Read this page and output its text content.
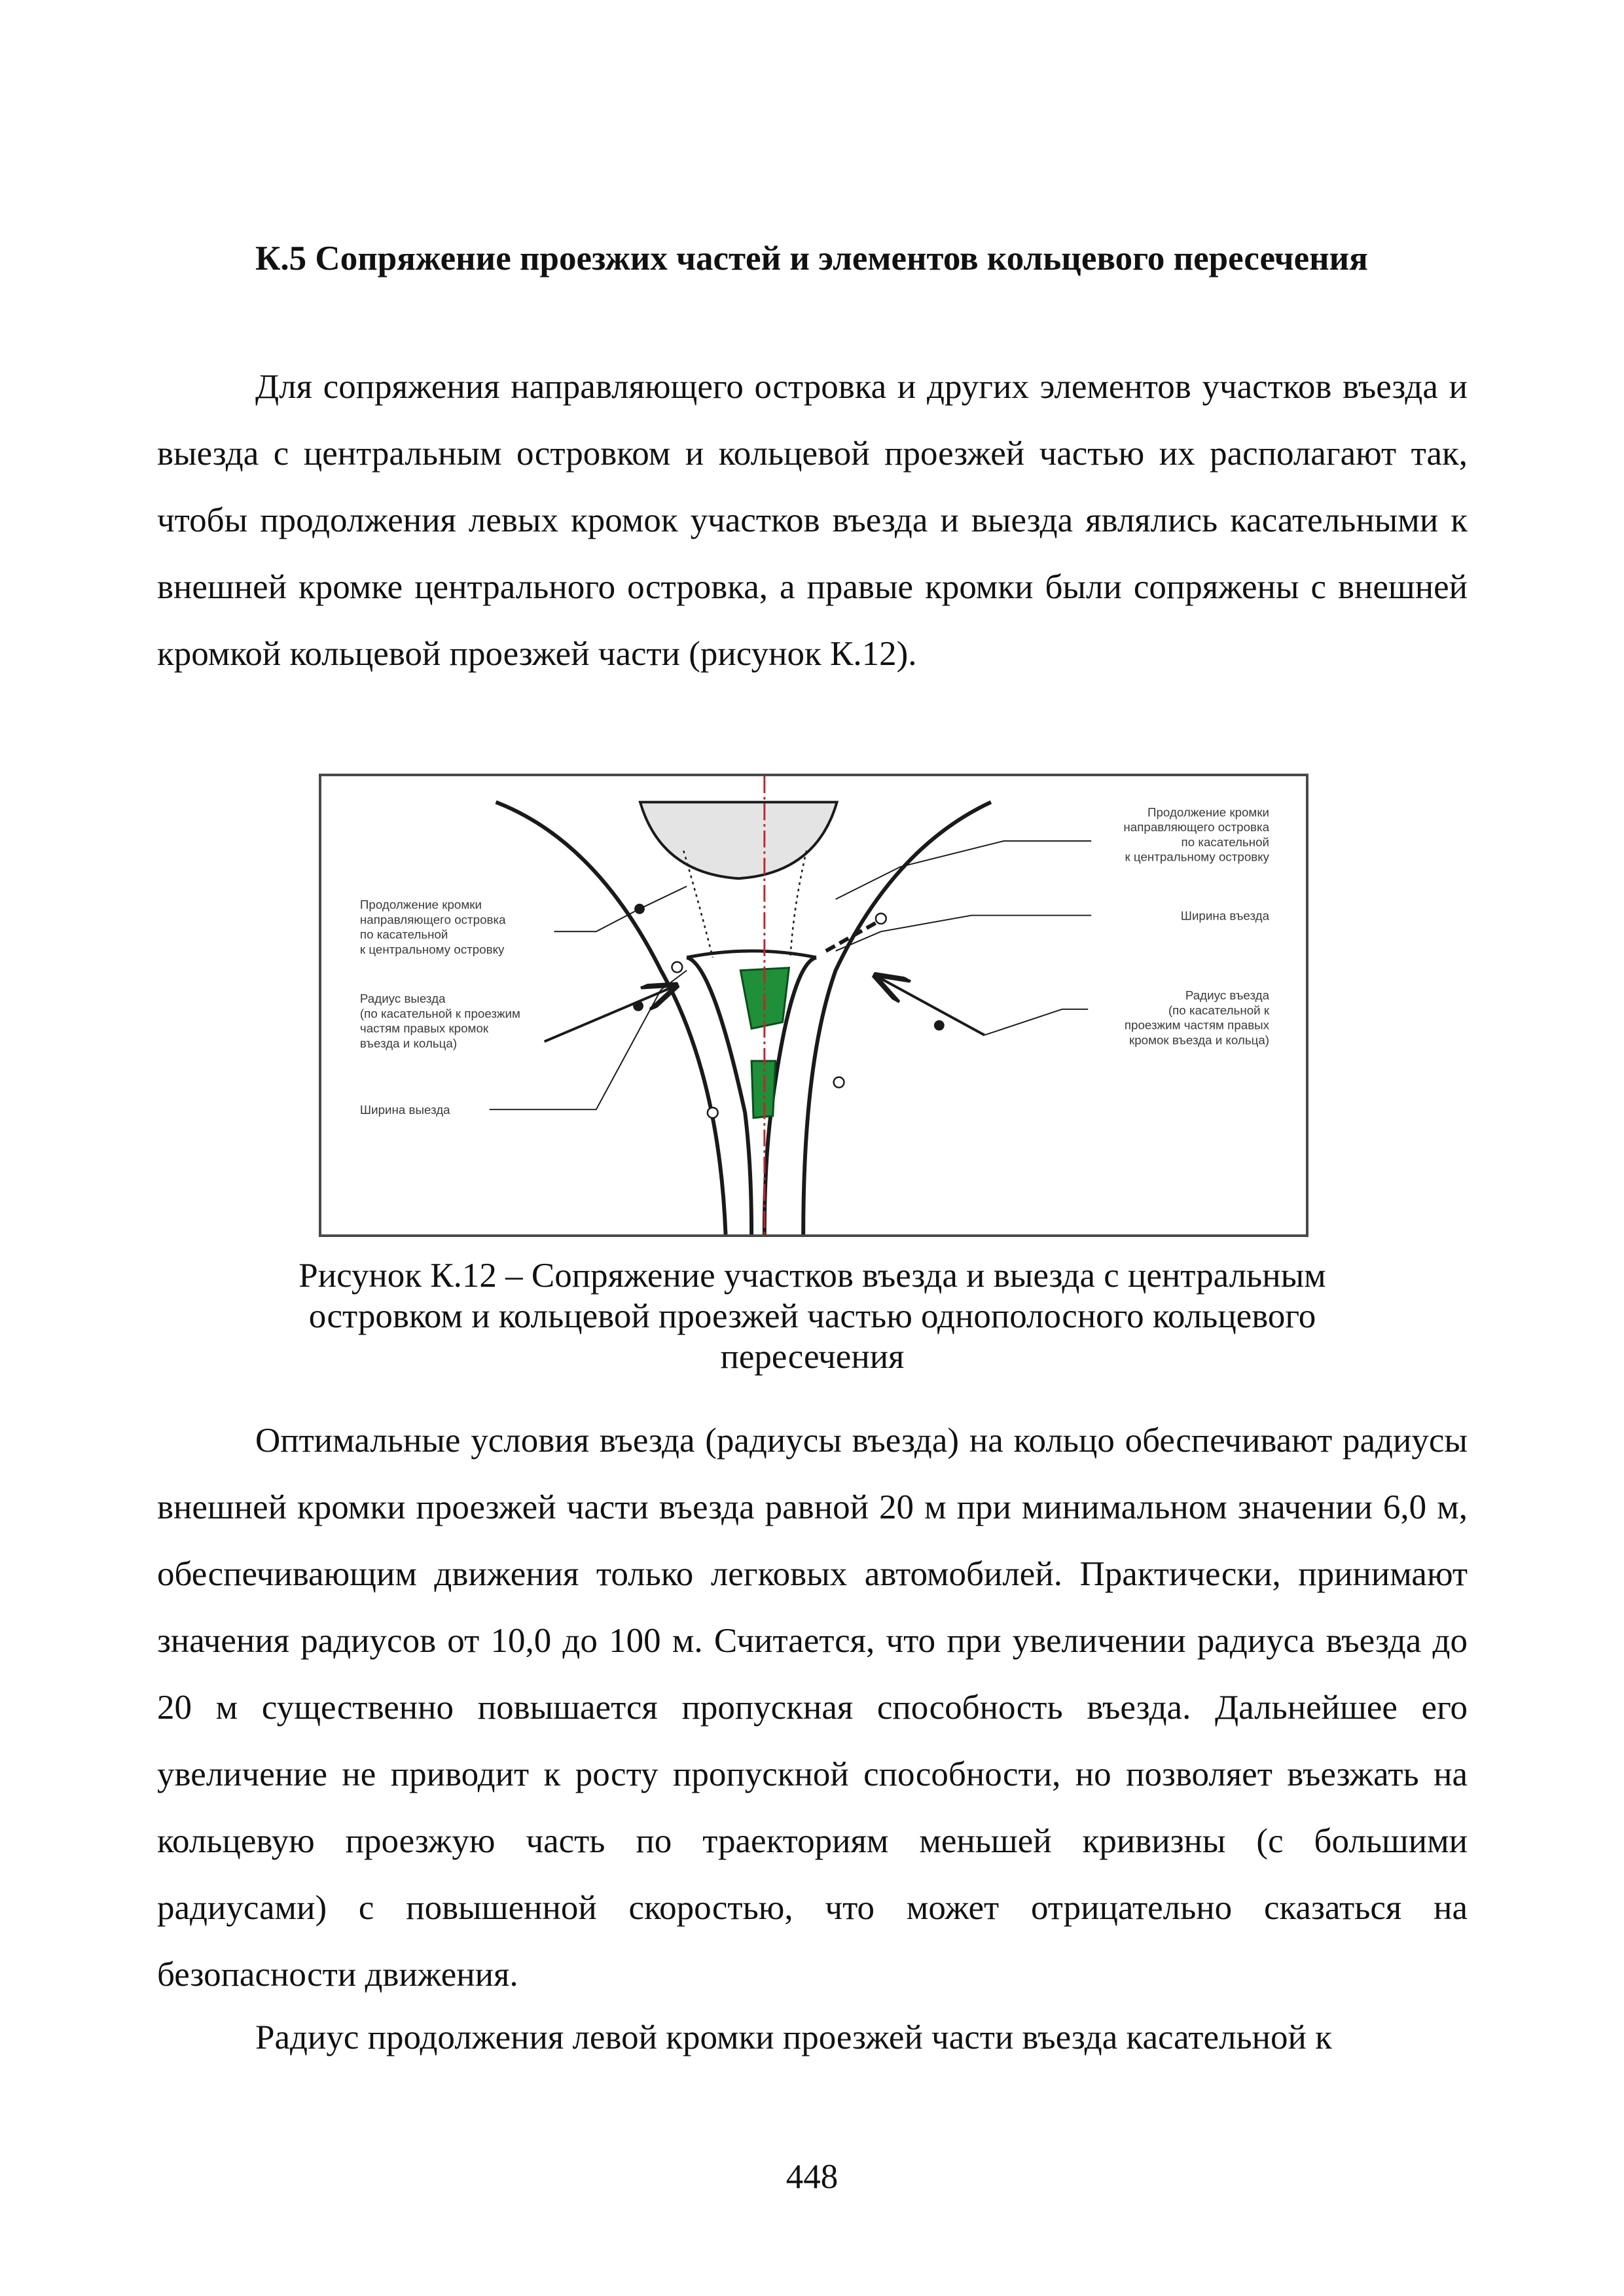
К.5 Сопряжение проезжих частей и элементов кольцевого пересечения
Для сопряжения направляющего островка и других элементов участков въезда и выезда с центральным островком и кольцевой проезжей частью их располагают так, чтобы продолжения левых кромок участков въезда и выезда являлись касательными к внешней кромке центрального островка, а правые кромки были сопряжены с внешней кромкой кольцевой проезжей части (рисунок К.12).
Продолжение кромки
направляющего островка
по касательной
к центральному островку
Радиус выезда
(по касательной к проезжим
частям правых кромок
въезда и кольца)
Ширина выезда
Продолжение кромки
направляющего островка
по касательной
к центральному островку
Ширина въезда
Радиус въезда
(по касательной к
проезжим частям правых
кромок въезда и кольца)
Рисунок К.12 – Сопряжение участков въезда и выезда с центральным
островком и кольцевой проезжей частью однополосного кольцевого
пересечения
Оптимальные условия въезда (радиусы въезда) на кольцо обеспечивают радиусы внешней кромки проезжей части въезда равной 20 м при минимальном значении 6,0 м, обеспечивающим движения только легковых автомобилей. Практически, принимают значения радиусов от 10,0 до 100 м. Считается, что при увеличении радиуса въезда до 20 м существенно повышается пропускная способность въезда. Дальнейшее его увеличение не приводит к росту пропускной способности, но позволяет въезжать на кольцевую проезжую часть по траекториям меньшей кривизны (с большими радиусами) с повышенной скоростью, что может отрицательно сказаться на безопасности движения.
Радиус продолжения левой кромки проезжей части въезда касательной к
448
